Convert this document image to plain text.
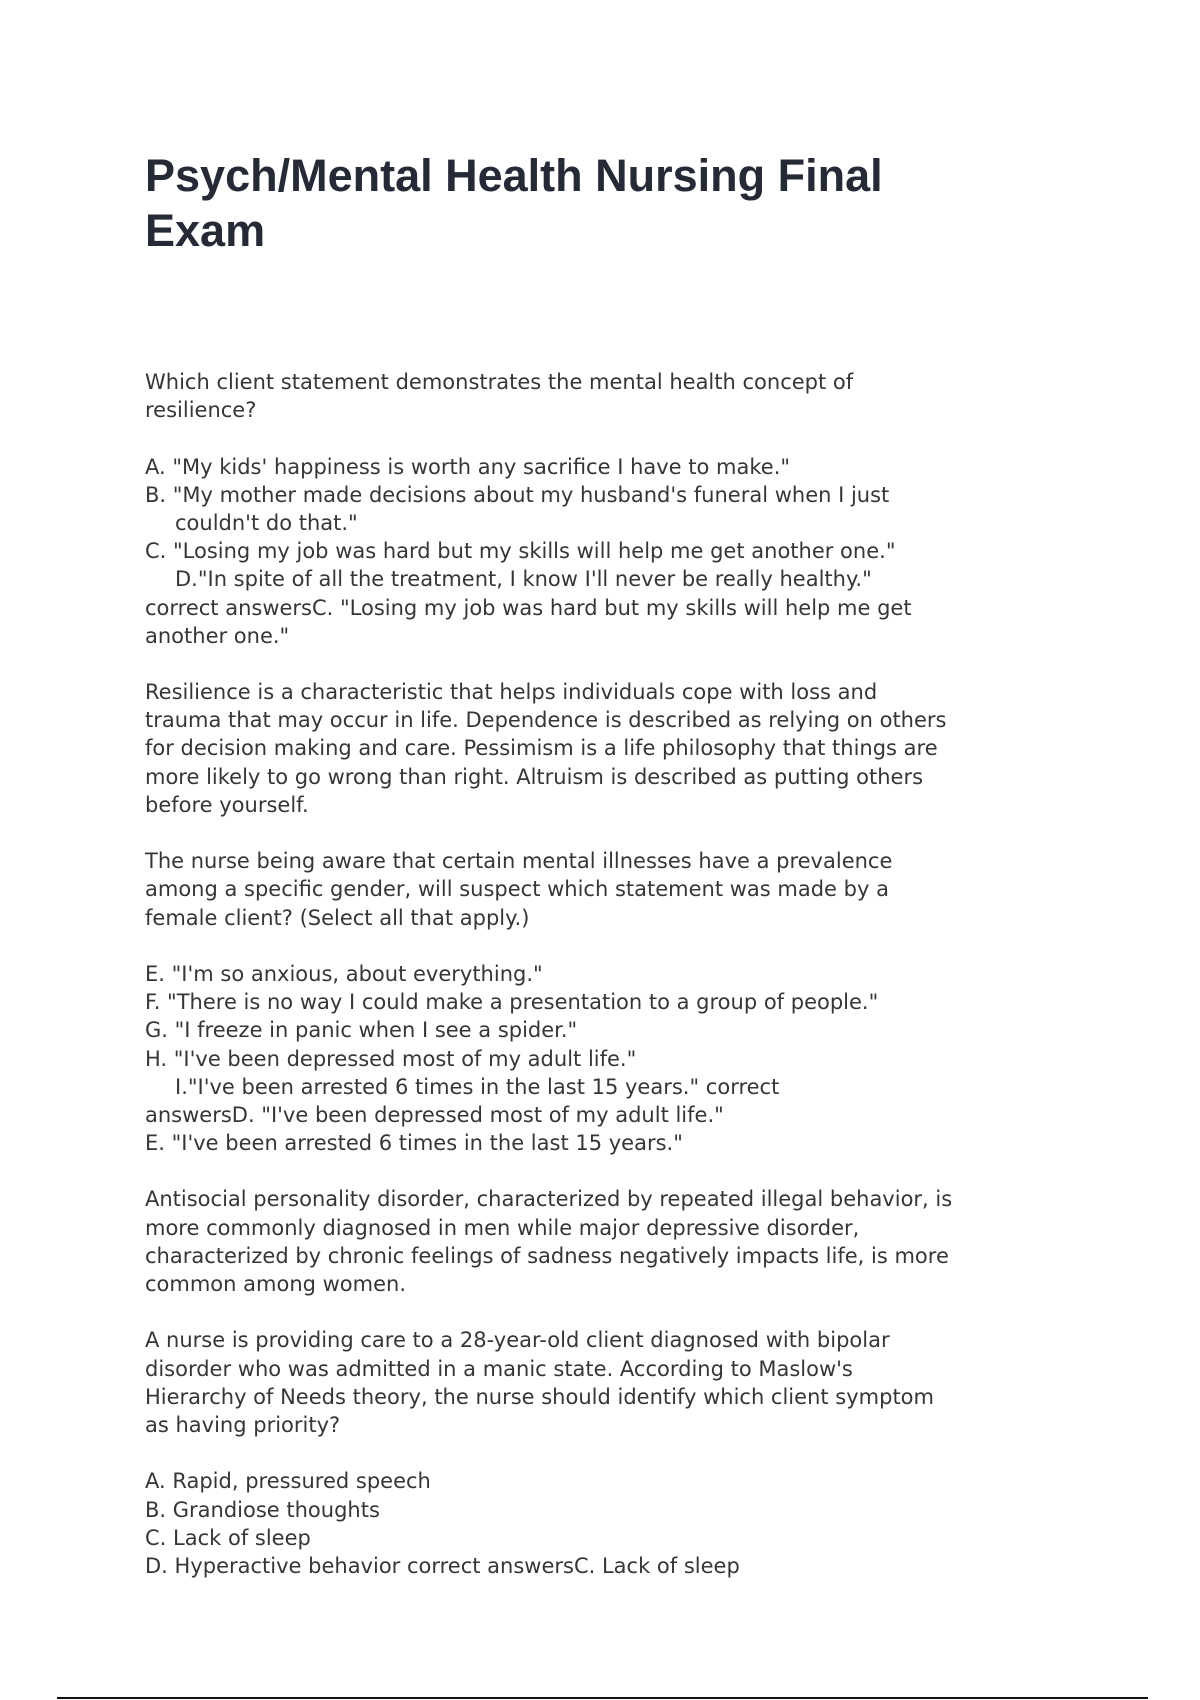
Psych/Mental Health Nursing Final
Exam
Which client statement demonstrates the mental health concept of
resilience?
A. "My kids' happiness is worth any sacrifice I have to make."
B. "My mother made decisions about my husband's funeral when I just
couldn't do that."
C. "Losing my job was hard but my skills will help me get another one."
D."In spite of all the treatment, I know I'll never be really healthy."
correct answersC. "Losing my job was hard but my skills will help me get
another one."
Resilience is a characteristic that helps individuals cope with loss and
trauma that may occur in life. Dependence is described as relying on others
for decision making and care. Pessimism is a life philosophy that things are
more likely to go wrong than right. Altruism is described as putting others
before yourself.
The nurse being aware that certain mental illnesses have a prevalence
among a specific gender, will suspect which statement was made by a
female client? (Select all that apply.)
E. "I'm so anxious, about everything."
F. "There is no way I could make a presentation to a group of people."
G. "I freeze in panic when I see a spider."
H. "I've been depressed most of my adult life."
I."I've been arrested 6 times in the last 15 years." correct
answersD. "I've been depressed most of my adult life."
E. "I've been arrested 6 times in the last 15 years."
Antisocial personality disorder, characterized by repeated illegal behavior, is
more commonly diagnosed in men while major depressive disorder,
characterized by chronic feelings of sadness negatively impacts life, is more
common among women.
A nurse is providing care to a 28-year-old client diagnosed with bipolar
disorder who was admitted in a manic state. According to Maslow's
Hierarchy of Needs theory, the nurse should identify which client symptom
as having priority?
A. Rapid, pressured speech
B. Grandiose thoughts
C. Lack of sleep
D. Hyperactive behavior correct answersC. Lack of sleep
